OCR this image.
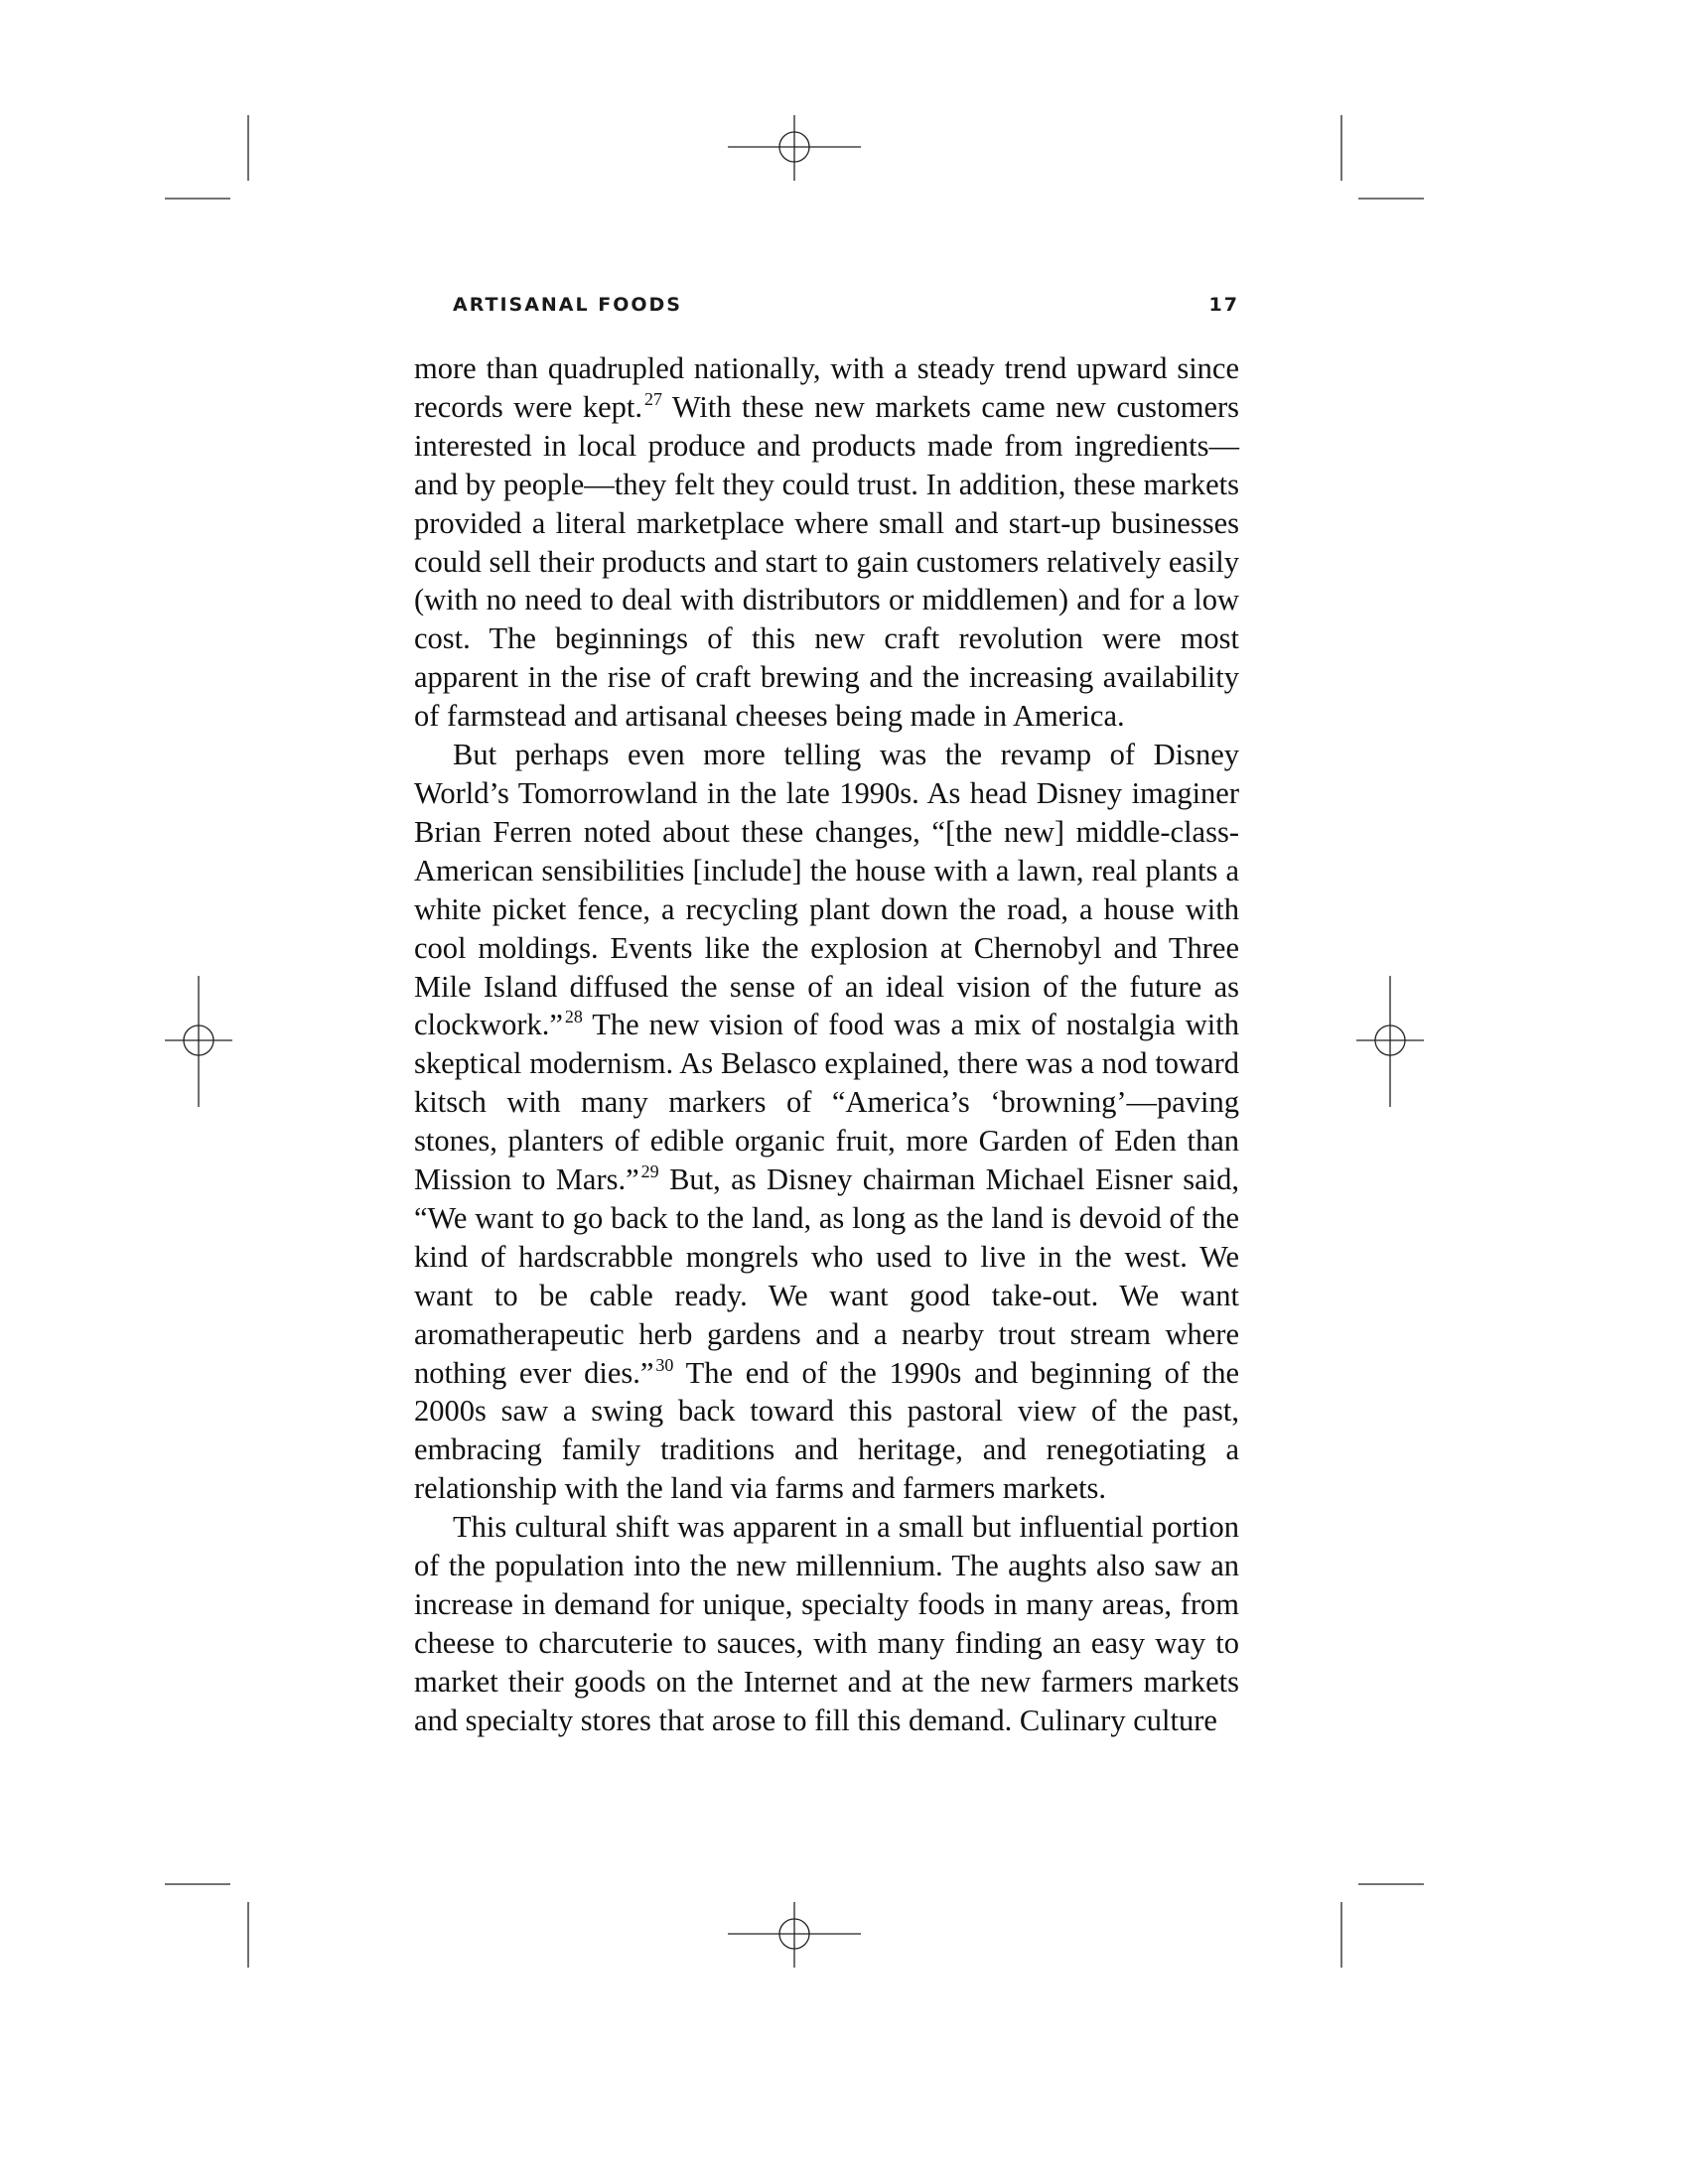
ARTISANAL FOODS	17

more than quadrupled nationally, with a steady trend upward since records were kept. $^{27}$ With these new markets came new customers interested in local produce and products made from ingredients— and by people—they felt they could trust. In addition, these markets provided a literal marketplace where small and start-up businesses could sell their products and start to gain customers relatively easily (with no need to deal with distributors or middlemen) and for a low cost. The beginnings of this new craft revolution were most apparent in the rise of craft brewing and the increasing availability of farmstead and artisanal cheeses being made in America.

But perhaps even more telling was the revamp of Disney World’s Tomorrowland in the late 1990s. As head Disney imaginer Brian Ferren noted about these changes, “[the new] middle-class-American sensibilities [include] the house with a lawn, real plants a white picket fence, a recycling plant down the road, a house with cool moldings. Events like the explosion at Chernobyl and Three Mile Island diffused the sense of an ideal vision of the future as clockwork.” $^{28}$ The new vision of food was a mix of nostalgia with skeptical modernism. As Belasco explained, there was a nod toward kitsch with many markers of “America’s ‘browning’—paving stones, planters of edible organic fruit, more Garden of Eden than Mission to Mars.” $^{29}$ But, as Disney chairman Michael Eisner said, “We want to go back to the land, as long as the land is devoid of the kind of hardscrabble mongrels who used to live in the west. We want to be cable ready. We want good take-out. We want aromatherapeutic herb gardens and a nearby trout stream where nothing ever dies.” $^{30}$ The end of the 1990s and beginning of the 2000s saw a swing back toward this pastoral view of the past, embracing family traditions and heritage, and renegotiating a relationship with the land via farms and farmers markets.

This cultural shift was apparent in a small but influential portion of the population into the new millennium. The aughts also saw an increase in demand for unique, specialty foods in many areas, from cheese to charcuterie to sauces, with many finding an easy way to market their goods on the Internet and at the new farmers markets and specialty stores that arose to fill this demand. Culinary culture
